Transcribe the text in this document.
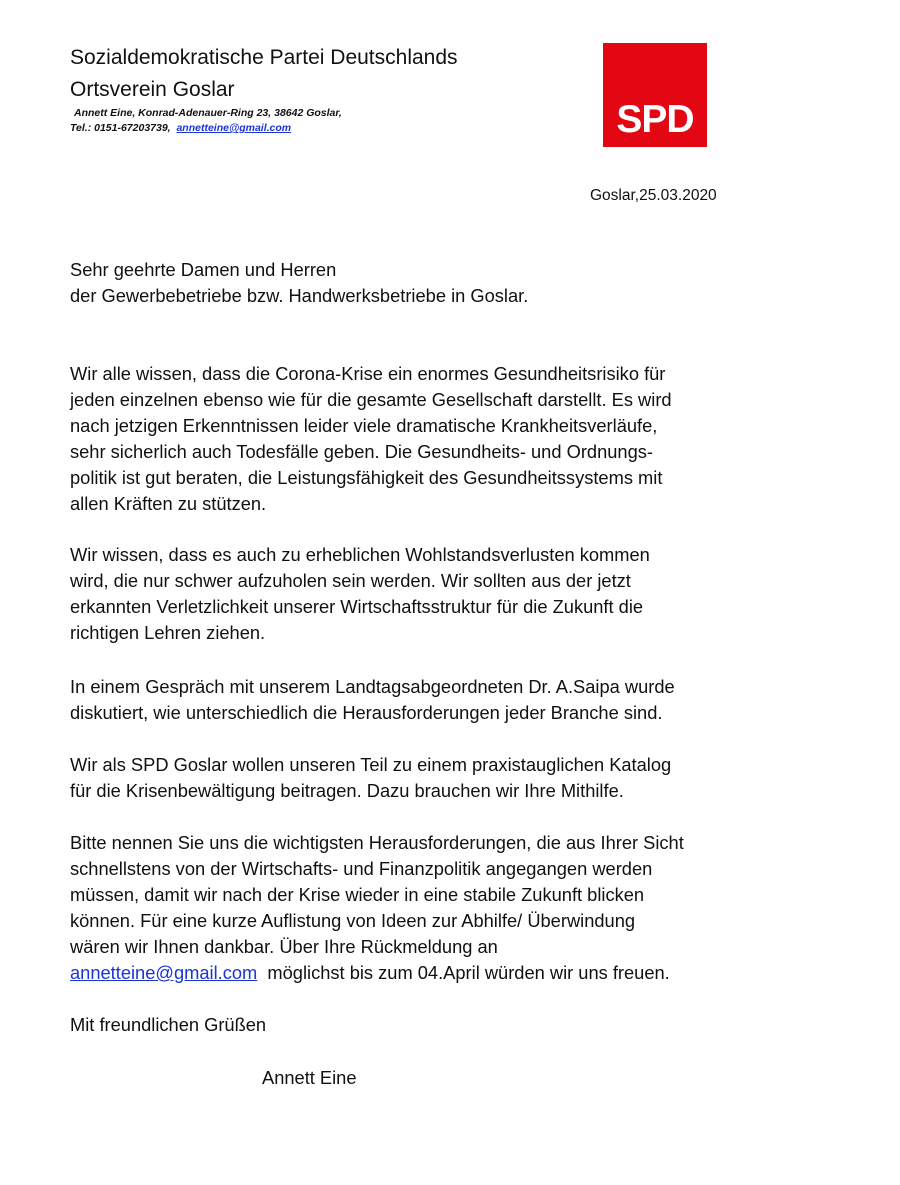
Sozialdemokratische Partei Deutschlands
Ortsverein Goslar
Annett Eine, Konrad-Adenauer-Ring 23, 38642 Goslar,
Tel.: 0151-67203739, annetteine@gmail.com	SPD
Goslar,25.03.2020

Sehr geehrte Damen und Herren

der Gewerbebetriebe bzw. Handwerksbetriebe in Goslar.

Wir alle wissen, dass die Corona-Krise ein enormes Gesundheitsrisiko für

jeden einzelnen ebenso wie für die gesamte Gesellschaft darstellt. Es wird

nach jetzigen Erkenntnissen leider viele dramatische Krankheitsverläufe,

sehr sicherlich auch Todesfälle geben. Die Gesundheits- und Ordnungs-

politik ist gut beraten, die Leistungsfähigkeit des Gesundheitssystems mit

allen Kräften zu stützen.

Wir wissen, dass es auch zu erheblichen Wohlstandsverlusten kommen

wird, die nur schwer aufzuholen sein werden. Wir sollten aus der jetzt

erkannten Verletzlichkeit unserer Wirtschaftsstruktur für die Zukunft die

richtigen Lehren ziehen.

In einem Gespräch mit unserem Landtagsabgeordneten Dr. A.Saipa wurde

diskutiert, wie unterschiedlich die Herausforderungen jeder Branche sind.

Wir als SPD Goslar wollen unseren Teil zu einem praxistauglichen Katalog

für die Krisenbewältigung beitragen. Dazu brauchen wir Ihre Mithilfe.

Bitte nennen Sie uns die wichtigsten Herausforderungen, die aus Ihrer Sicht

schnellstens von der Wirtschafts- und Finanzpolitik angegangen werden

müssen, damit wir nach der Krise wieder in eine stabile Zukunft blicken

können. Für eine kurze Auflistung von Ideen zur Abhilfe/ Überwindung

wären wir Ihnen dankbar. Über Ihre Rückmeldung an

annetteine@gmail.com  möglichst bis zum 04.April würden wir uns freuen.

Mit freundlichen Grüßen

Annett Eine
